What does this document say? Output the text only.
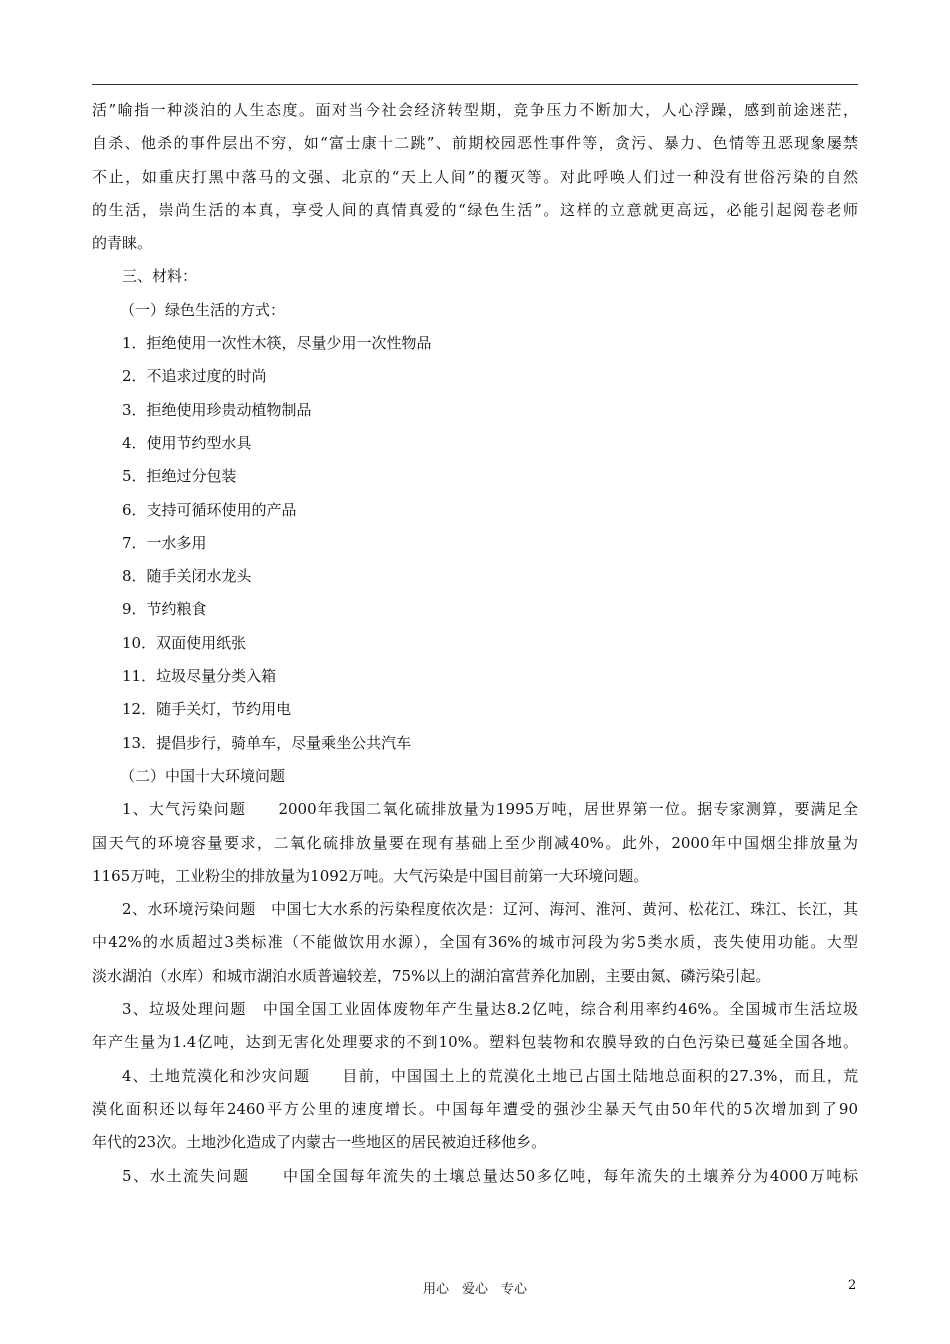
活”喻指一种淡泊的人生态度。面对当今社会经济转型期，竞争压力不断加大，人心浮躁，感到前途迷茫，
自杀、他杀的事件层出不穷，如“富士康十二跳”、前期校园恶性事件等，贪污、暴力、色情等丑恶现象屡禁
不止，如重庆打黑中落马的文强、北京的“天上人间”的覆灭等。对此呼唤人们过一种没有世俗污染的自然
的生活，崇尚生活的本真，享受人间的真情真爱的“绿色生活”。这样的立意就更高远，必能引起阅卷老师
的青睐。
三、材料：
（一）绿色生活的方式：
1．拒绝使用一次性木筷，尽量少用一次性物品
2．不追求过度的时尚
3．拒绝使用珍贵动植物制品
4．使用节约型水具
5．拒绝过分包装
6．支持可循环使用的产品
7．一水多用
8．随手关闭水龙头
9．节约粮食
10．双面使用纸张
11．垃圾尽量分类入箱
12．随手关灯，节约用电
13．提倡步行，骑单车，尽量乘坐公共汽车
（二）中国十大环境问题
1、大气污染问题　　2000年我国二氧化硫排放量为1995万吨，居世界第一位。据专家测算，要满足全
国天气的环境容量要求，二氧化硫排放量要在现有基础上至少削减40%。此外，2000年中国烟尘排放量为
1165万吨，工业粉尘的排放量为1092万吨。大气污染是中国目前第一大环境问题。
2、水环境污染问题　中国七大水系的污染程度依次是：辽河、海河、淮河、黄河、松花江、珠江、长江，其
中42%的水质超过3类标准（不能做饮用水源），全国有36%的城市河段为劣5类水质，丧失使用功能。大型
淡水湖泊（水库）和城市湖泊水质普遍较差，75%以上的湖泊富营养化加剧，主要由氮、磷污染引起。
3、垃圾处理问题　中国全国工业固体废物年产生量达8.2亿吨，综合利用率约46%。全国城市生活垃圾
年产生量为1.4亿吨，达到无害化处理要求的不到10%。塑料包装物和农膜导致的白色污染已蔓延全国各地。
4、土地荒漠化和沙灾问题　　目前，中国国土上的荒漠化土地已占国土陆地总面积的27.3%，而且，荒
漠化面积还以每年2460平方公里的速度增长。中国每年遭受的强沙尘暴天气由50年代的5次增加到了90
年代的23次。土地沙化造成了内蒙古一些地区的居民被迫迁移他乡。
5、水土流失问题　　中国全国每年流失的土壤总量达50多亿吨，每年流失的土壤养分为4000万吨标
用心　爱心　专心	2
